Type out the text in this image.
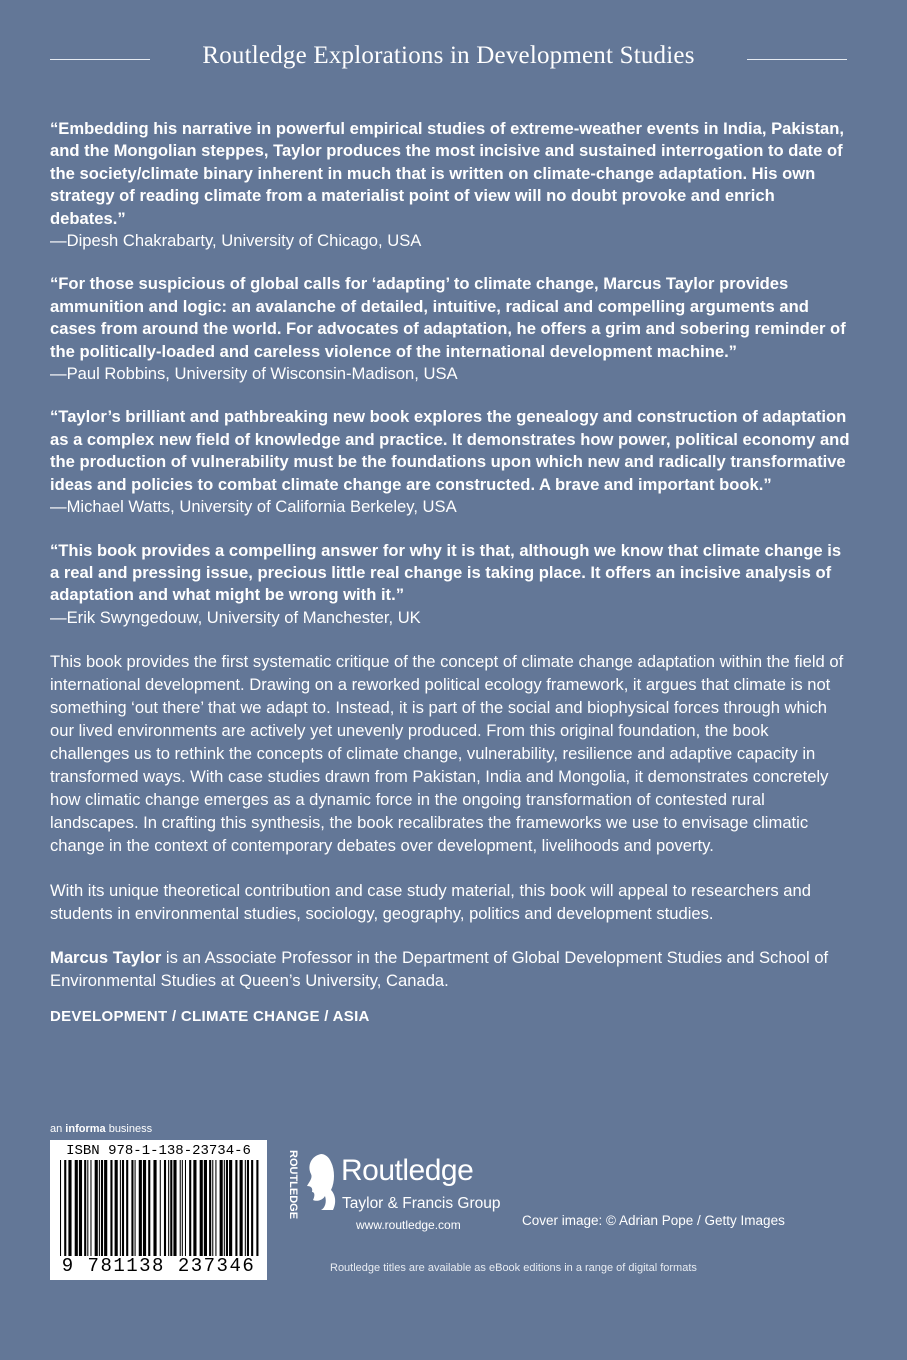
Routledge Explorations in Development Studies
“Embedding his narrative in powerful empirical studies of extreme-weather events in India, Pakistan, and the Mongolian steppes, Taylor produces the most incisive and sustained interrogation to date of the society/climate binary inherent in much that is written on climate-change adaptation. His own strategy of reading climate from a materialist point of view will no doubt provoke and enrich debates.”
—Dipesh Chakrabarty, University of Chicago, USA
“For those suspicious of global calls for ‘adapting’ to climate change, Marcus Taylor provides ammunition and logic: an avalanche of detailed, intuitive, radical and compelling arguments and cases from around the world. For advocates of adaptation, he offers a grim and sobering reminder of the politically-loaded and careless violence of the international development machine.”
—Paul Robbins, University of Wisconsin-Madison, USA
“Taylor’s brilliant and pathbreaking new book explores the genealogy and construction of adaptation as a complex new field of knowledge and practice. It demonstrates how power, political economy and the production of vulnerability must be the foundations upon which new and radically transformative ideas and policies to combat climate change are constructed. A brave and important book.”
—Michael Watts, University of California Berkeley, USA
“This book provides a compelling answer for why it is that, although we know that climate change is a real and pressing issue, precious little real change is taking place. It offers an incisive analysis of adaptation and what might be wrong with it.”
—Erik Swyngedouw, University of Manchester, UK
This book provides the first systematic critique of the concept of climate change adaptation within the field of international development. Drawing on a reworked political ecology framework, it argues that climate is not something ‘out there’ that we adapt to. Instead, it is part of the social and biophysical forces through which our lived environments are actively yet unevenly produced. From this original foundation, the book challenges us to rethink the concepts of climate change, vulnerability, resilience and adaptive capacity in transformed ways. With case studies drawn from Pakistan, India and Mongolia, it demonstrates concretely how climatic change emerges as a dynamic force in the ongoing transformation of contested rural landscapes. In crafting this synthesis, the book recalibrates the frameworks we use to envisage climatic change in the context of contemporary debates over development, livelihoods and poverty.
With its unique theoretical contribution and case study material, this book will appeal to researchers and students in environmental studies, sociology, geography, politics and development studies.
Marcus Taylor is an Associate Professor in the Department of Global Development Studies and School of Environmental Studies at Queen’s University, Canada.
DEVELOPMENT / CLIMATE CHANGE / ASIA
an informa business
ISBN 978-1-138-23734-6
9 781138 237346
ROUTLEDGE Routledge
Taylor & Francis Group
www.routledge.com	Cover image: © Adrian Pope / Getty Images
Routledge titles are available as eBook editions in a range of digital formats
